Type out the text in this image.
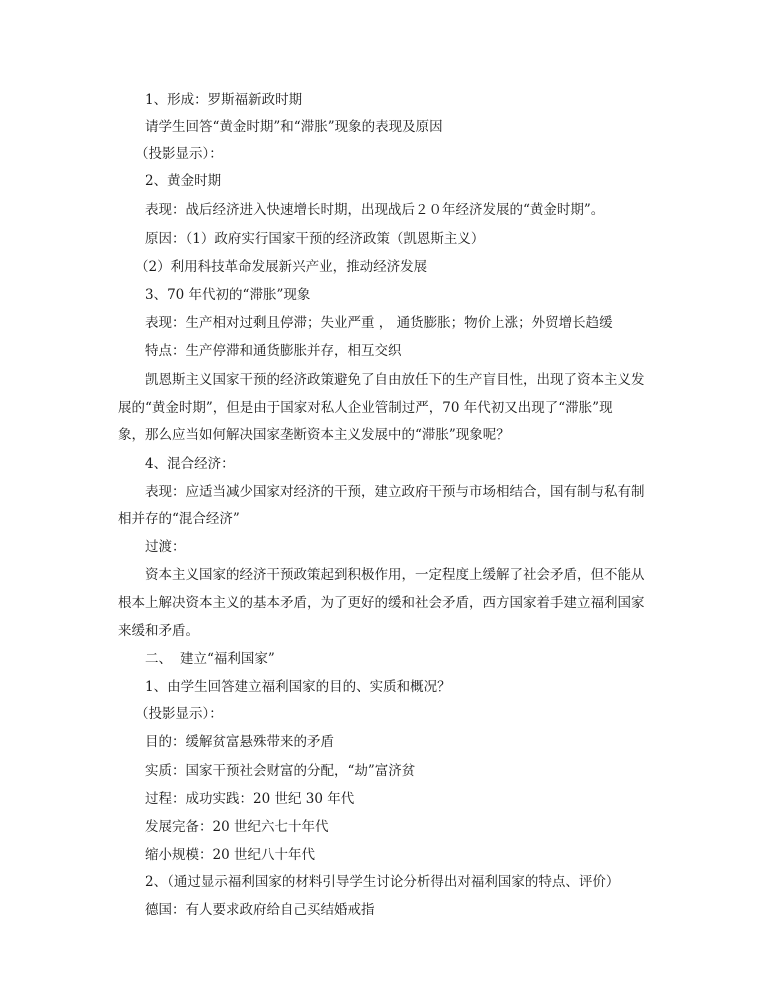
1、形成：罗斯福新政时期
请学生回答“黄金时期”和“滞胀”现象的表现及原因
（投影显示）：
2、黄金时期
表现：战后经济进入快速增长时期，出现战后２０年经济发展的“黄金时期”。
原因：（1）政府实行国家干预的经济政策（凯恩斯主义）
（2）利用科技革命发展新兴产业，推动经济发展
3、70 年代初的“滞胀”现象
表现：生产相对过剩且停滞；失业严重 ， 通货膨胀；物价上涨；外贸增长趋缓
特点：生产停滞和通货膨胀并存，相互交织
凯恩斯主义国家干预的经济政策避免了自由放任下的生产盲目性，出现了资本主义发
展的“黄金时期”，但是由于国家对私人企业管制过严，70 年代初又出现了“滞胀”现
象，那么应当如何解决国家垄断资本主义发展中的“滞胀”现象呢？
4、混合经济：
表现：应适当减少国家对经济的干预，建立政府干预与市场相结合，国有制与私有制
相并存的“混合经济”
过渡：
资本主义国家的经济干预政策起到积极作用，一定程度上缓解了社会矛盾，但不能从
根本上解决资本主义的基本矛盾，为了更好的缓和社会矛盾，西方国家着手建立福利国家
来缓和矛盾。
二、 建立“福利国家”
1、由学生回答建立福利国家的目的、实质和概况？
（投影显示）：
目的：缓解贫富悬殊带来的矛盾
实质：国家干预社会财富的分配，“劫”富济贫
过程：成功实践：20 世纪 30 年代
发展完备：20 世纪六七十年代
缩小规模：20 世纪八十年代
2、（通过显示福利国家的材料引导学生讨论分析得出对福利国家的特点、评价）
德国：有人要求政府给自己买结婚戒指
